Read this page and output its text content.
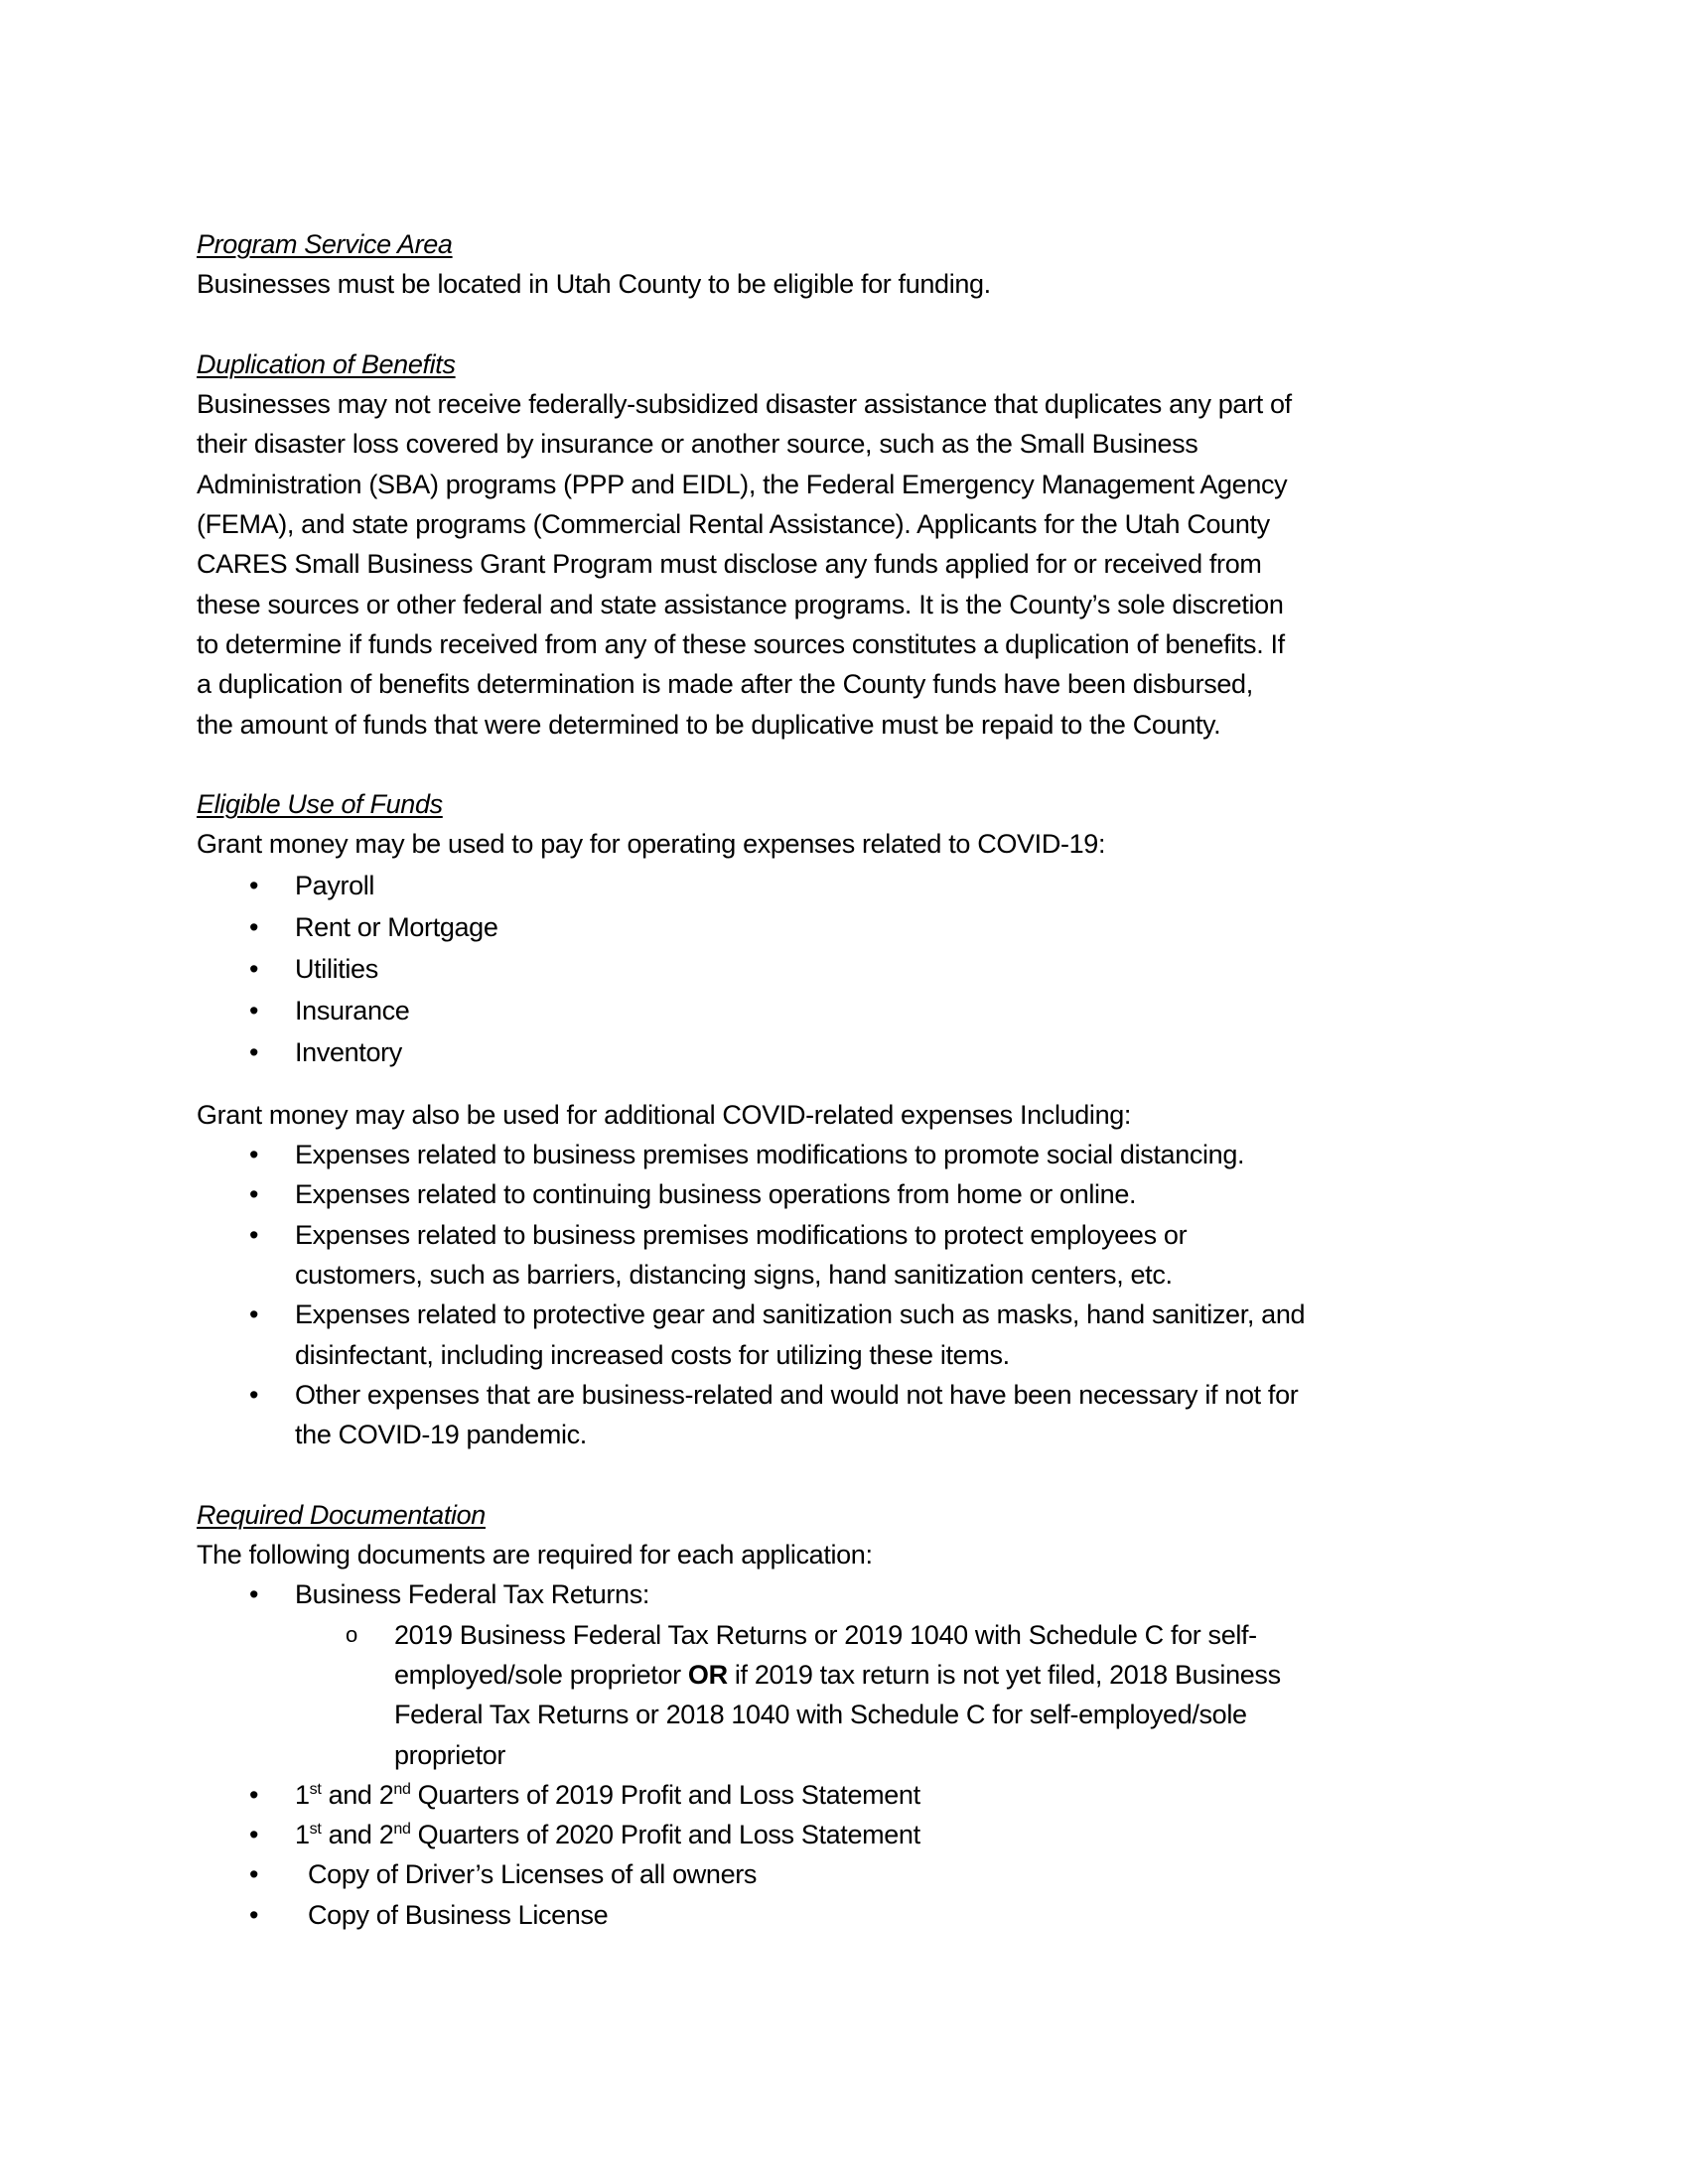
Program Service Area

Businesses must be located in Utah County to be eligible for funding.

Duplication of Benefits

Businesses may not receive federally-subsidized disaster assistance that duplicates any part of
their disaster loss covered by insurance or another source, such as the Small Business
Administration (SBA) programs (PPP and EIDL), the Federal Emergency Management Agency
(FEMA), and state programs (Commercial Rental Assistance). Applicants for the Utah County
CARES Small Business Grant Program must disclose any funds applied for or received from
these sources or other federal and state assistance programs. It is the County’s sole discretion
to determine if funds received from any of these sources constitutes a duplication of benefits. If
a duplication of benefits determination is made after the County funds have been disbursed,
the amount of funds that were determined to be duplicative must be repaid to the County.

Eligible Use of Funds

Grant money may be used to pay for operating expenses related to COVID-19:

• Payroll
• Rent or Mortgage
• Utilities
• Insurance
• Inventory

Grant money may also be used for additional COVID-related expenses Including:

• Expenses related to business premises modifications to promote social distancing.
• Expenses related to continuing business operations from home or online.
• Expenses related to business premises modifications to protect employees or
customers, such as barriers, distancing signs, hand sanitization centers, etc.
• Expenses related to protective gear and sanitization such as masks, hand sanitizer, and
disinfectant, including increased costs for utilizing these items.
• Other expenses that are business-related and would not have been necessary if not for
the COVID-19 pandemic.

Required Documentation

The following documents are required for each application:

• Business Federal Tax Returns:
o 2019 Business Federal Tax Returns or 2019 1040 with Schedule C for self-
employed/sole proprietor OR if 2019 tax return is not yet filed, 2018 Business
Federal Tax Returns or 2018 1040 with Schedule C for self-employed/sole
proprietor
• 1st and 2nd Quarters of 2019 Profit and Loss Statement
• 1st and 2nd Quarters of 2020 Profit and Loss Statement
•	Copy of Driver’s Licenses of all owners
•	Copy of Business License
